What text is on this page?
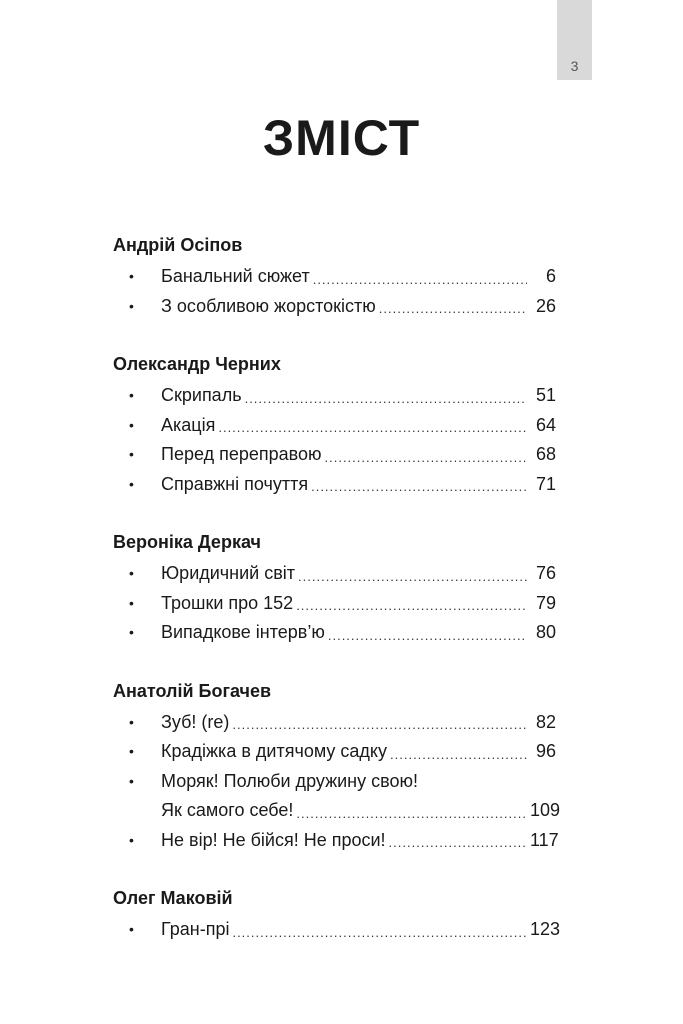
3
ЗМІСТ
Андрій Осіпов
• Банальний сюжет .....	6
• З особливою жорстокістю .....	26
Олександр Черних
• Скрипаль .....	51
• Акація .....	64
• Перед переправою .....	68
• Справжні почуття .....	71
Вероніка Деркач
• Юридичний світ .....	76
• Трошки про 152 .....	79
• Випадкове інтерв’ю .....	80
Анатолій Богачев
• Зуб! (re) .....	82
• Крадіжка в дитячому садку .....	96
• Моряк! Полюби дружину свою!
Як самого себе! .....	109
• Не вір! Не бійся! Не проси! .....	117
Олег Маковій
• Гран-прі .....	123
